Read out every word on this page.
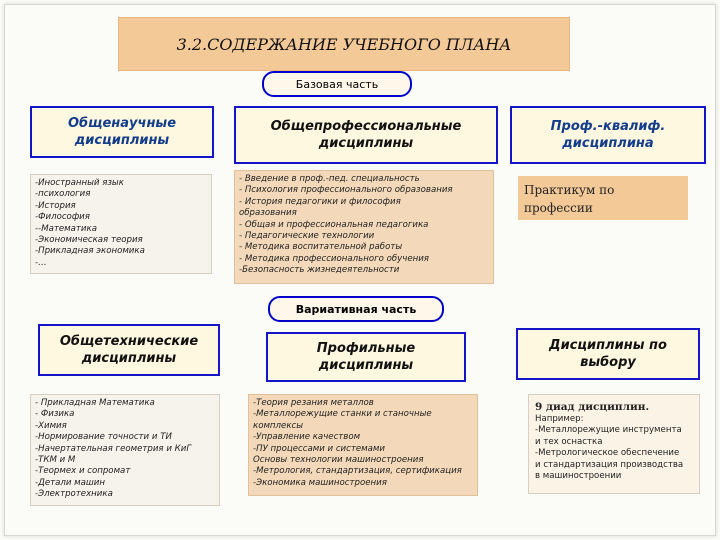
3.2.СОДЕРЖАНИЕ УЧЕБНОГО ПЛАНА
Базовая часть
Общенаучные
дисциплины
Общепрофессиональные
дисциплины
Проф.-квалиф.
дисциплина
-Иностранный язык
-психология
-История
-Философия
--Математика
-Экономическая теория
-Прикладная экономика
-…
- Введение в проф.-пед. специальность
- Психология профессионального образования
- История педагогики и философия
образования
- Общая и профессиональная педагогика
- Педагогические технологии
- Методика воспитательной работы
- Методика профессионального обучения
-Безопасность жизнедеятельности
Практикум по профессии
Вариативная часть
Общетехнические
дисциплины
Профильные
дисциплины
Дисциплины по
выбору
- Прикладная Математика
- Физика
-Химия
-Нормирование точности и ТИ
-Начертательная геометрия и КиГ
-ТКМ и М
-Теормех и сопромат
-Детали машин
-Электротехника
-Теория резания металлов
-Металлорежущие станки и станочные
комплексы
-Управление качеством
-ПУ процессами и системами
Основы технологии машиностроения
-Метрология, стандартизация, сертификация
-Экономика машиностроения
9 диад дисциплин.
Например:
-Металлорежущие инструмента
и тех оснастка
-Метрологическое обеспечение
и стандартизация производства
в машиностроении
